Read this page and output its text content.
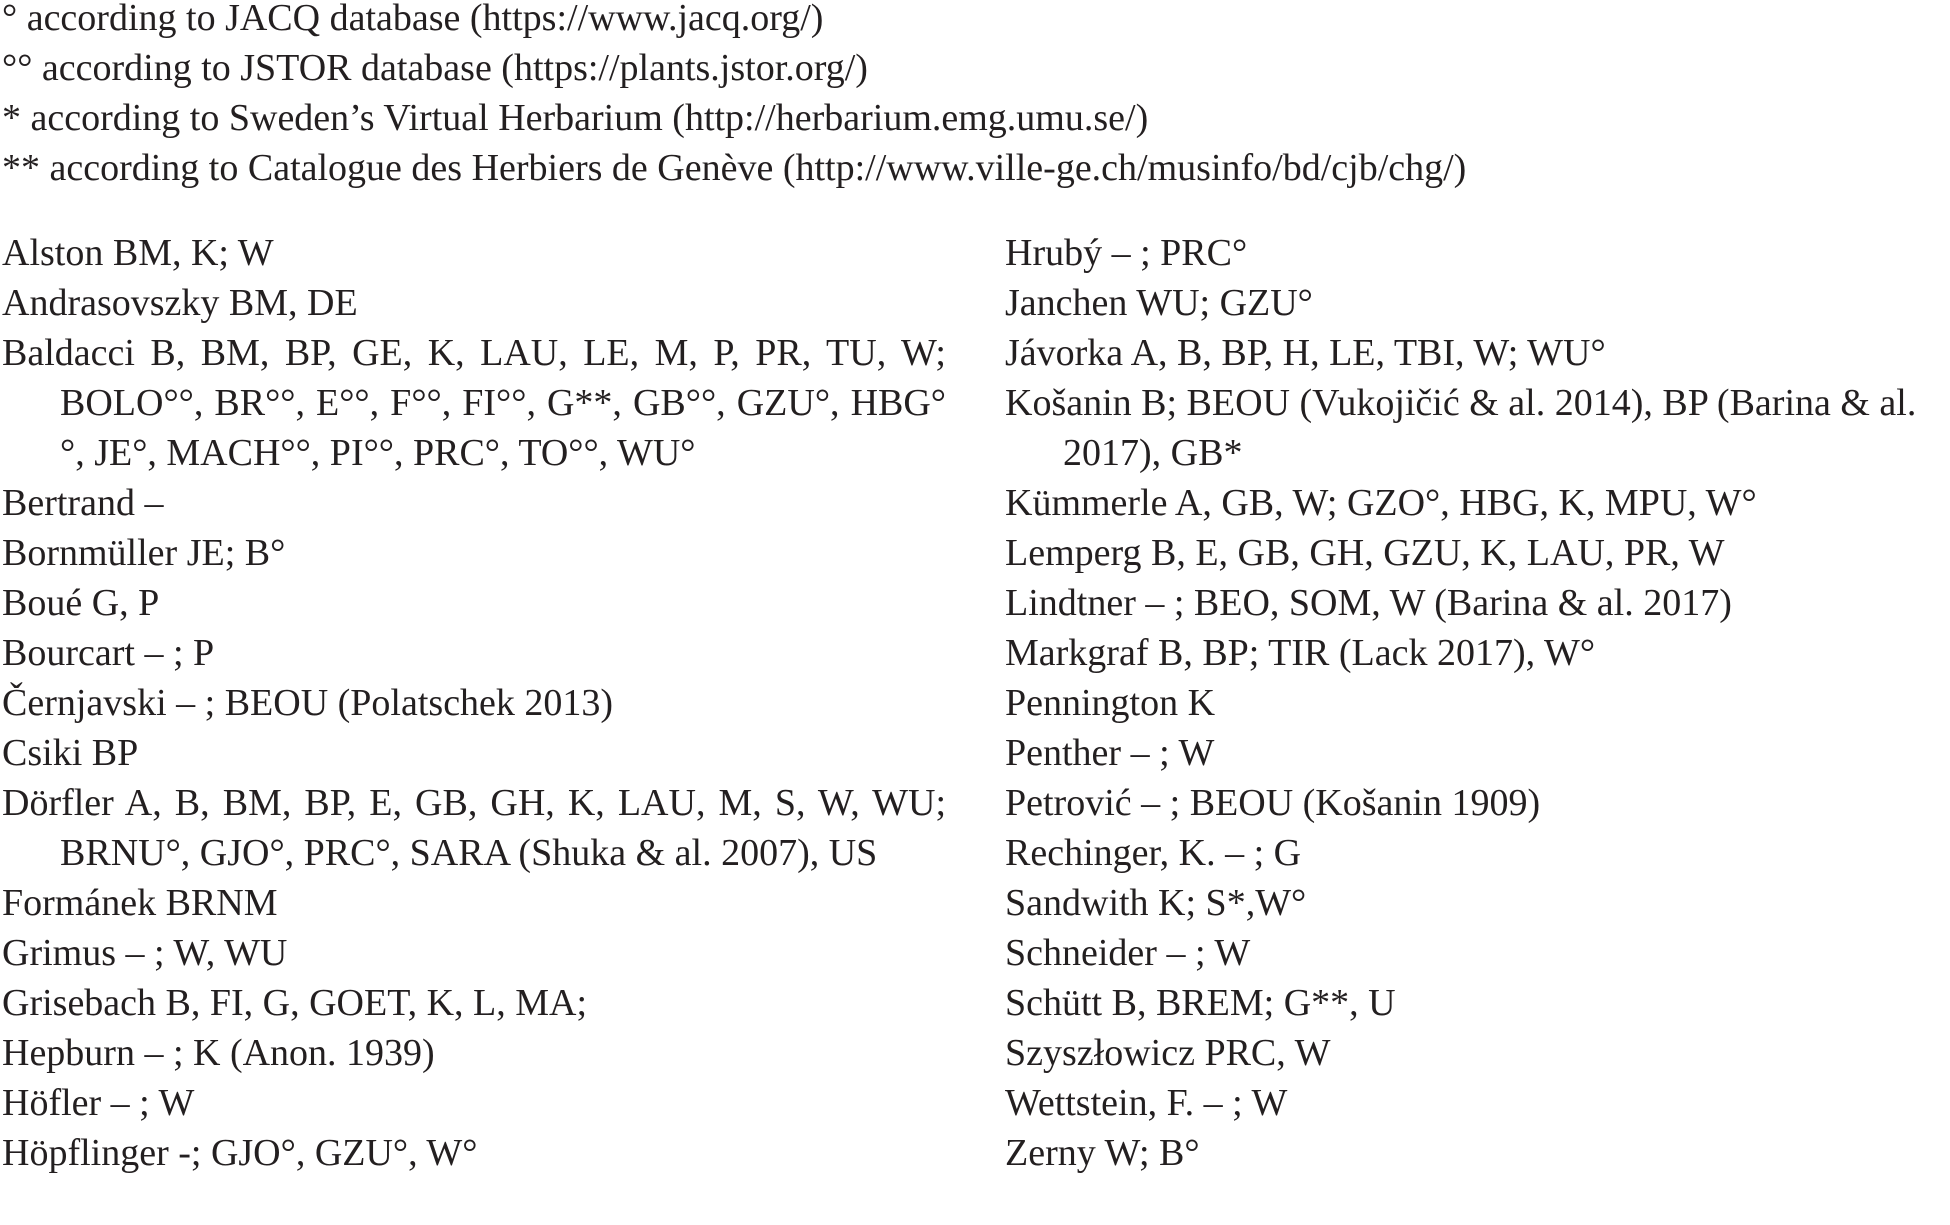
° according to JACQ database (https://www.jacq.org/)
°° according to JSTOR database (https://plants.jstor.org/)
* according to Sweden’s Virtual Herbarium (http://herbarium.emg.umu.se/)
** according to Catalogue des Herbiers de Genève (http://www.ville-ge.ch/musinfo/bd/cjb/chg/)
Alston BM, K; W
Andrasovszky BM, DE
Baldacci B, BM, BP, GE, K, LAU, LE, M, P, PR, TU, W; BOLO°°, BR°°, E°°, F°°, FI°°, G**, GB°°, GZU°, HBG°°, JE°, MACH°°, PI°°, PRC°, TO°°, WU°
Bertrand –
Bornmüller JE; B°
Boué G, P
Bourcart – ; P
Černjavski – ; BEOU (Polatschek 2013)
Csiki BP
Dörfler A, B, BM, BP, E, GB, GH, K, LAU, M, S, W, WU; BRNU°, GJO°, PRC°, SARA (Shuka & al. 2007), US
Formánek BRNM
Grimus – ; W, WU
Grisebach B, FI, G, GOET, K, L, MA;
Hepburn – ; K (Anon. 1939)
Höfler – ; W
Höpflinger -; GJO°, GZU°, W°
Hrubý – ; PRC°
Janchen WU; GZU°
Jávorka A, B, BP, H, LE, TBI, W; WU°
Košanin B; BEOU (Vukojičić & al. 2014), BP (Barina & al. 2017), GB*
Kümmerle A, GB, W; GZO°, HBG, K, MPU, W°
Lemperg B, E, GB, GH, GZU, K, LAU, PR, W
Lindtner – ; BEO, SOM, W (Barina & al. 2017)
Markgraf B, BP; TIR (Lack 2017), W°
Pennington K
Penther – ; W
Petrović – ; BEOU (Košanin 1909)
Rechinger, K. – ; G
Sandwith K; S*,W°
Schneider – ; W
Schütt B, BREM; G**, U
Szyszłowicz PRC, W
Wettstein, F. – ; W
Zerny W; B°
